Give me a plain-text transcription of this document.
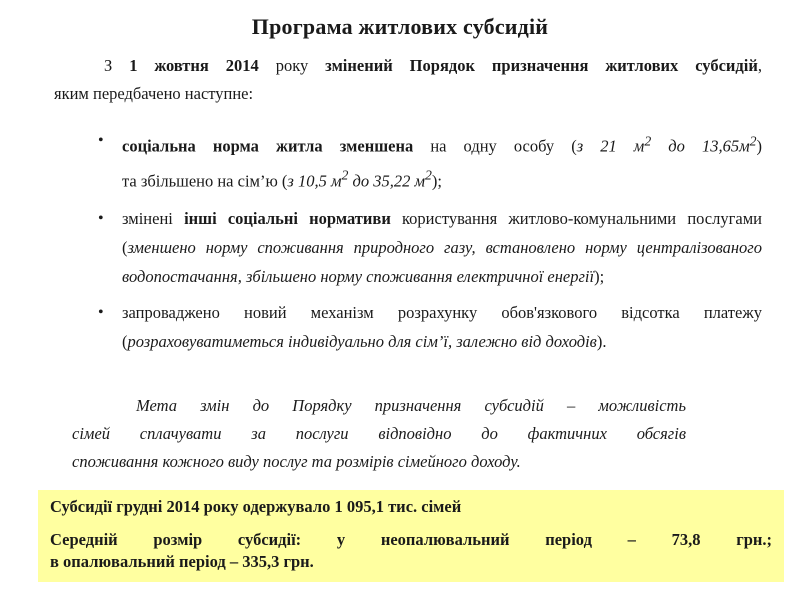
Програма житлових субсидій
З 1 жовтня 2014 року змінений Порядок призначення житлових субсидій,
яким передбачено наступне:
• соціальна норма житла зменшена на одну особу (з 21 $м^2$ до $13,65м^2$)
та збільшено на сім’ю (з 10,5 $м^2$ до 35,22 $м^2$);
• змінені інші соціальні нормативи користування житлово-комунальними послугами (зменшено норму споживання природного газу, встановлено норму централізованого водопостачання, збільшено норму споживання електричної енергії);
• запроваджено новий механізм розрахунку обов'язкового відсотка платежу (розраховуватиметься індивідуально для сім’ї, залежно від доходів).
Мета змін до Порядку призначення субсидій – можливість
сімей сплачувати за послуги відповідно до фактичних обсягів
споживання кожного виду послуг та розмірів сімейного доходу.
Субсидії грудні 2014 року одержувало 1 095,1 тис. сімей
Середній розмір субсидії: у неопалювальний період – 73,8 грн.;
в опалювальний період – 335,3 грн.
